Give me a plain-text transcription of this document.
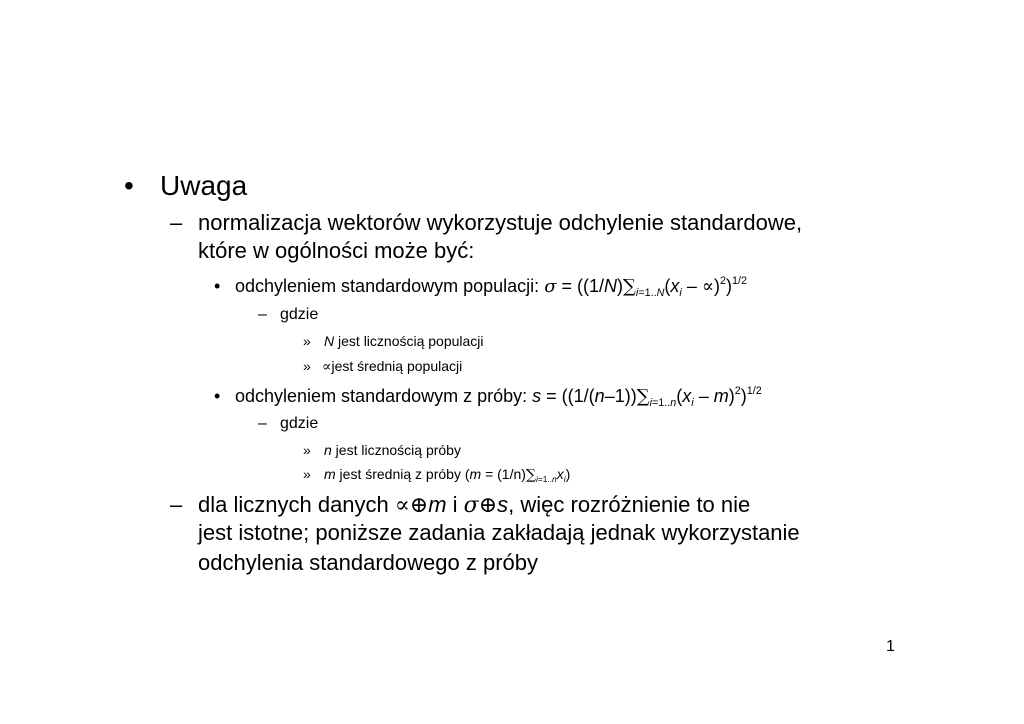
• Uwaga
– normalizacja wektorów wykorzystuje odchylenie standardowe,
które w ogólności może być:
• odchyleniem standardowym populacji: $\sigma = ((1/N)\sum_{i=1..N}(x_i - \propto)^2)^{1/2}$
– gdzie
» N jest licznością populacji
» ∝jest średnią populacji
• odchyleniem standardowym z próby: $s = ((1/(n-1))\sum_{i=1..n}(x_i - m)^2)^{1/2}$
– gdzie
» n jest licznością próby
» m jest średnią z próby $(m = (1/n)\sum_{i=1..n}x_i)$
– dla licznych danych ∝⊕m i σ⊕s, więc rozróżnienie to nie
jest istotne; poniższe zadania zakładają jednak wykorzystanie
odchylenia standardowego z próby
1
